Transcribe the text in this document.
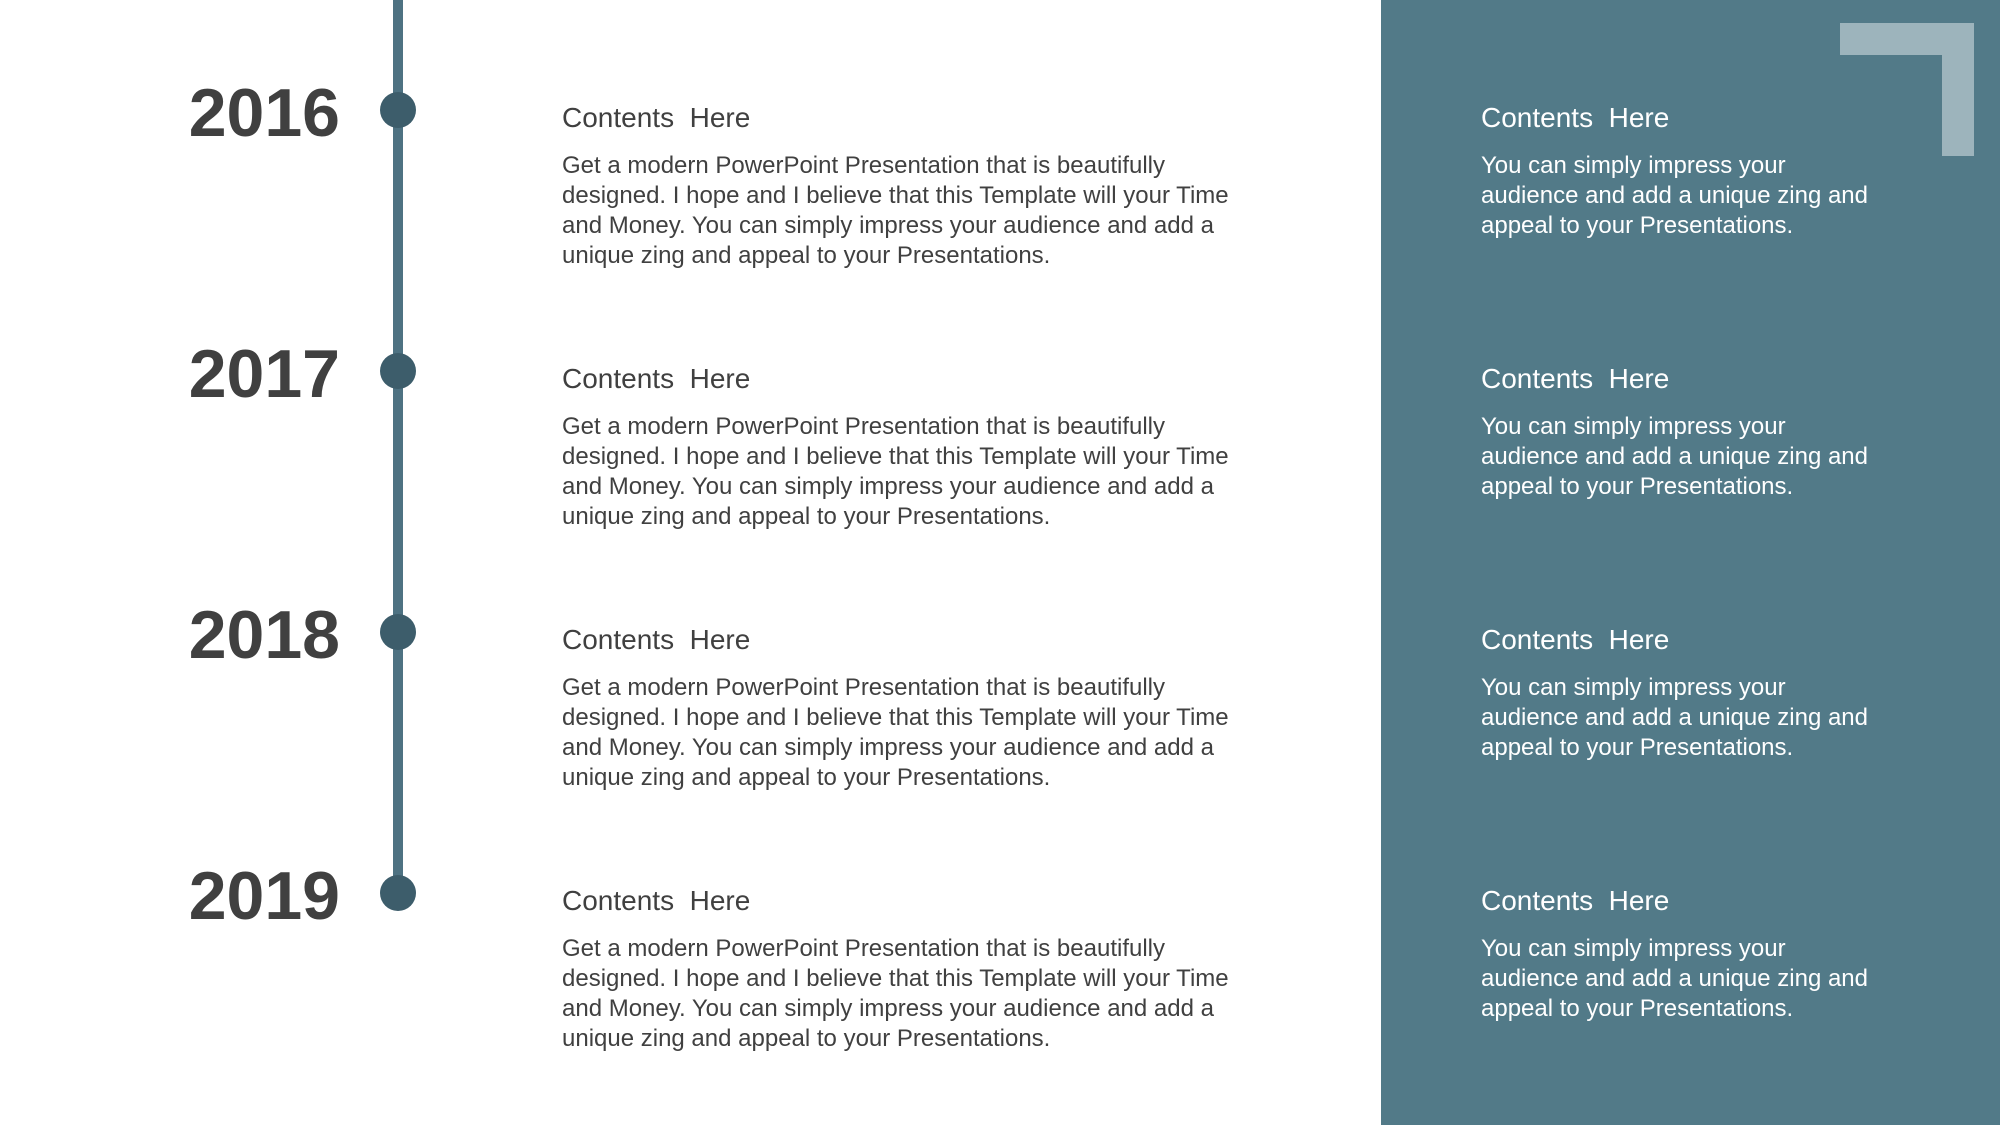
2016	Contents  Here
Get a modern PowerPoint Presentation that is beautifully
designed. I hope and I believe that this Template will your Time
and Money. You can simply impress your audience and add a
unique zing and appeal to your Presentations.
2017	Contents  Here
Get a modern PowerPoint Presentation that is beautifully
designed. I hope and I believe that this Template will your Time
and Money. You can simply impress your audience and add a
unique zing and appeal to your Presentations.
2018	Contents  Here
Get a modern PowerPoint Presentation that is beautifully
designed. I hope and I believe that this Template will your Time
and Money. You can simply impress your audience and add a
unique zing and appeal to your Presentations.
2019	Contents  Here
Get a modern PowerPoint Presentation that is beautifully
designed. I hope and I believe that this Template will your Time
and Money. You can simply impress your audience and add a
unique zing and appeal to your Presentations.
Contents  Here
You can simply impress your
audience and add a unique zing and
appeal to your Presentations.
Contents  Here
You can simply impress your
audience and add a unique zing and
appeal to your Presentations.
Contents  Here
You can simply impress your
audience and add a unique zing and
appeal to your Presentations.
Contents  Here
You can simply impress your
audience and add a unique zing and
appeal to your Presentations.
